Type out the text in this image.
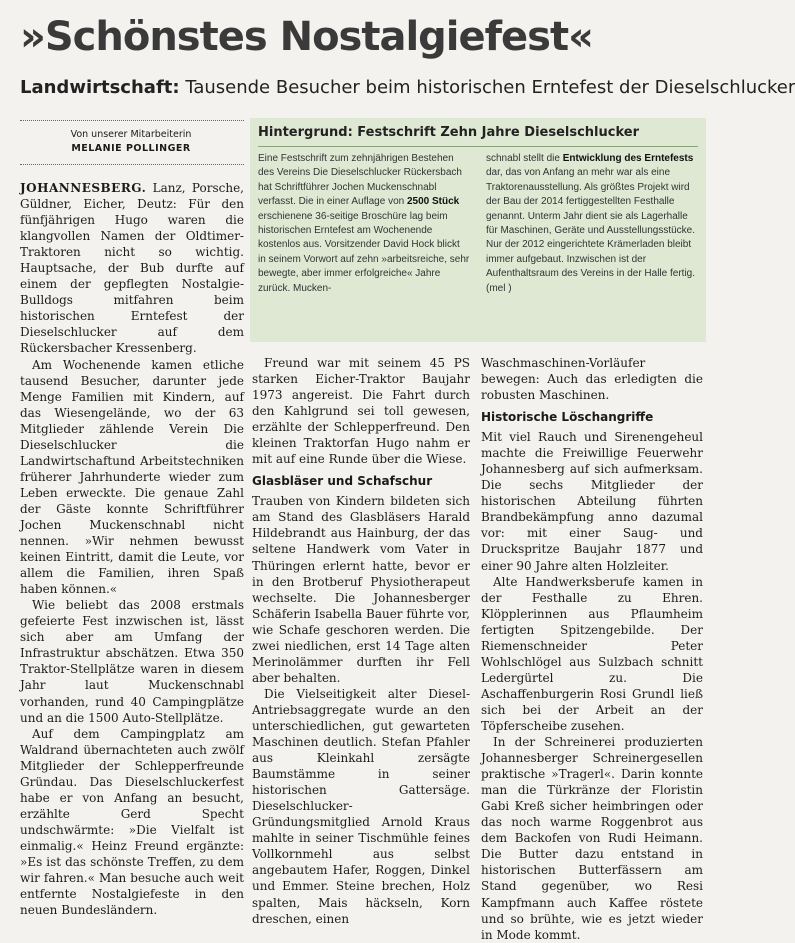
»Schönstes Nostalgiefest«
Landwirtschaft: Tausende Besucher beim historischen Erntefest der Dieselschlucker
Von unserer Mitarbeiterin
MELANIE POLLINGER

JOHANNESBERG. Lanz, Porsche, Güldner, Eicher, Deutz: Für den fünfjährigen Hugo waren die klangvollen Namen der Oldtimer-Traktoren nicht so wichtig. Hauptsache, der Bub durfte auf einem der gepflegten Nostalgie-Bulldogs mitfahren beim historischen Erntefest der Dieselschlucker auf dem Rückersbacher Kressenberg.

Am Wochenende kamen etliche tausend Besucher, darunter jede Menge Familien mit Kindern, auf das Wiesengelände, wo der 63 Mitglieder zählende Verein Die Dieselschlucker die Landwirtschaftund Arbeitstechniken früherer Jahrhunderte wieder zum Leben erweckte. Die genaue Zahl der Gäste konnte Schriftführer Jochen Muckenschnabl nicht nennen. »Wir nehmen bewusst keinen Eintritt, damit die Leute, vor allem die Familien, ihren Spaß haben können.«

Wie beliebt das 2008 erstmals gefeierte Fest inzwischen ist, lässt sich aber am Umfang der Infrastruktur abschätzen. Etwa 350 Traktor-Stellplätze waren in diesem Jahr laut Muckenschnabl vorhanden, rund 40 Campingplätze und an die 1500 Auto-Stellplätze.

Auf dem Campingplatz am Waldrand übernachteten auch zwölf Mitglieder der Schlepperfreunde Gründau. Das Dieselschluckerfest habe er von Anfang an besucht, erzählte Gerd Specht undschwärmte: »Die Vielfalt ist einmalig.« Heinz Freund ergänzte: »Es ist das schönste Treffen, zu dem wir fahren.« Man besuche auch weit entfernte Nostalgiefeste in den neuen Bundesländern.

Hintergrund: Festschrift Zehn Jahre Dieselschlucker

Eine Festschrift zum zehnjährigen Bestehen des Vereins Die Dieselschlucker Rückersbach hat Schriftführer Jochen Muckenschnabl verfasst. Die in einer Auflage von 2500 Stück erschienene 36-seitige Broschüre lag beim historischen Erntefest am Wochenende kostenlos aus. Vorsitzender David Hock blickt in seinem Vorwort auf zehn »arbeitsreiche, sehr bewegte, aber immer erfolgreiche« Jahre zurück. Mucken-

schnabl stellt die Entwicklung des Erntefests dar, das von Anfang an mehr war als eine Traktorenausstellung. Als größtes Projekt wird der Bau der 2014 fertiggestellten Festhalle genannt. Unterm Jahr dient sie als Lagerhalle für Maschinen, Geräte und Ausstellungsstücke. Nur der 2012 eingerichtete Krämerladen bleibt immer aufgebaut. Inzwischen ist der Aufenthaltsraum des Vereins in der Halle fertig. (mel )

Freund war mit seinem 45 PS starken Eicher-Traktor Baujahr 1973 angereist. Die Fahrt durch den Kahlgrund sei toll gewesen, erzählte der Schlepperfreund. Den kleinen Traktorfan Hugo nahm er mit auf eine Runde über die Wiese.

Glasbläser und Schafschur

Trauben von Kindern bildeten sich am Stand des Glasbläsers Harald Hildebrandt aus Hainburg, der das seltene Handwerk vom Vater in Thüringen erlernt hatte, bevor er in den Brotberuf Physiotherapeut wechselte. Die Johannesberger Schäferin Isabella Bauer führte vor, wie Schafe geschoren werden. Die zwei niedlichen, erst 14 Tage alten Merinolämmer durften ihr Fell aber behalten.

Die Vielseitigkeit alter Diesel-Antriebsaggregate wurde an den unterschiedlichen, gut gewarteten Maschinen deutlich. Stefan Pfahler aus Kleinkahl zersägte Baumstämme in seiner historischen Gattersäge. Dieselschlucker-Gründungsmitglied Arnold Kraus mahlte in seiner Tischmühle feines Vollkornmehl aus selbst angebautem Hafer, Roggen, Dinkel und Emmer. Steine brechen, Holz spalten, Mais häckseln, Korn dreschen, einen

Waschmaschinen-Vorläufer bewegen: Auch das erledigten die robusten Maschinen.

Historische Löschangriffe

Mit viel Rauch und Sirenengeheul machte die Freiwillige Feuerwehr Johannesberg auf sich aufmerksam. Die sechs Mitglieder der historischen Abteilung führten Brandbekämpfung anno dazumal vor: mit einer Saug- und Druckspritze Baujahr 1877 und einer 90 Jahre alten Holzleiter.

Alte Handwerksberufe kamen in der Festhalle zu Ehren. Klöpplerinnen aus Pflaumheim fertigten Spitzengebilde. Der Riemenschneider Peter Wohlschlögel aus Sulzbach schnitt Ledergürtel zu. Die Aschaffenburgerin Rosi Grundl ließ sich bei der Arbeit an der Töpferscheibe zusehen.

In der Schreinerei produzierten Johannesberger Schreinergesellen praktische »Tragerl«. Darin konnte man die Türkränze der Floristin Gabi Kreß sicher heimbringen oder das noch warme Roggenbrot aus dem Backofen von Rudi Heimann. Die Butter dazu entstand in historischen Butterfässern am Stand gegenüber, wo Resi Kampfmann auch Kaffee röstete und so brühte, wie es jetzt wieder in Mode kommt.
